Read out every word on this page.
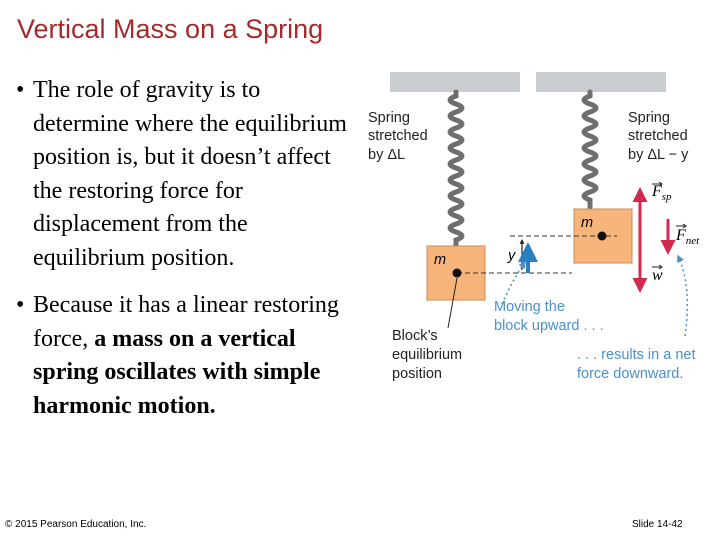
Vertical Mass on a Spring

• The role of gravity is to determine where the equilibrium position is, but it doesn’t affect the restoring force for displacement from the equilibrium position.

• Because it has a linear restoring force, a mass on a vertical spring oscillates with simple harmonic motion.

m
m
y
$F_{sp}$
$F_{net}$
w
Spring stretched by ΔL
Spring stretched by ΔL − y
Moving the block upward . . .
Block’s equilibrium position
. . . results in a net force downward.
© 2015 Pearson Education, Inc.	Slide 14-42
